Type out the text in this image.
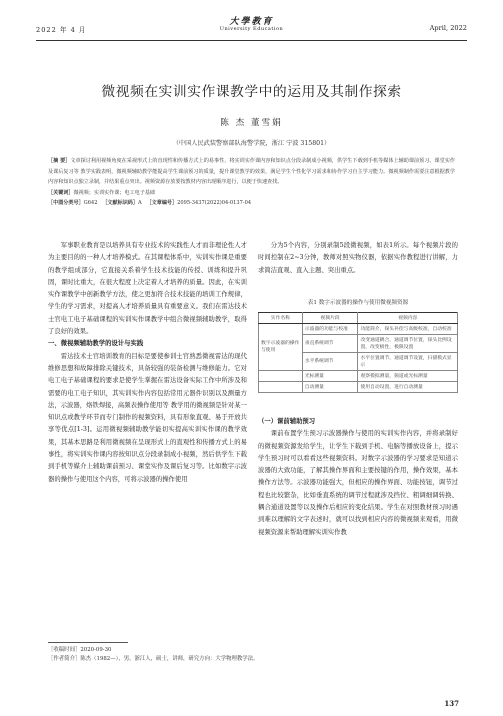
2022 年 4 月
大學教育
University Education	April, 2022
微视频在实训实作课教学中的运用及其制作探索
陈 杰 董雪娟
（中国人民武装警察部队海警学院，浙江 宁波 315801）
［摘 要］文章探讨利用视频角度在采视形式上的直现性和传播方式上的易事性，将实训实作课内容和知识点分段录制成小视频，供学生下载到手机等媒体上辅助课前预习、课堂实作及课后复习等 教学实践表明，微视频辅助教学能提高学生课前预习的质量，提升课堂教学的效果，满足学生个性化学习需求和协作学习自主学习能力。微视频制作需要注意根据教学内容和知识点独立录制，并结果重点突出。视频资源存放要按教材内容出现顺序进行，以便于快速查找。
［关键词］微视频；实训实作课；电工电子基础
［中图分类号］G642 ［文献标识码］A ［文章编号］2095-3437(2022)04-0137-04

军事职业教育是以培养具有专业技术的实践性人才而非理论性人才为主要目的的一种人才培养模式。在其课程体系中，实训实作课是重要的教学组成部分，它直接关系着学生技术技能的传授、训练和提升巩固，课时比重大，在很大程度上决定着人才培养的质量。因此，在实训实作课教学中创新教学方法，使之更加符合技术技能的培训工作规律，学生的学习需求，对提高人才培养质量具有重要意义。我们在雷达技术士官电工电子基础课程的实训实作课教学中组合微视频辅助教学，取得了良好的效果。

一、微视频辅助教学的设计与实践

雷达技术士官培训教育的目标是要使参训士官熟悉微视雷达的现代维修思想和故障排除关键技术，具备较强的装备检测与维修能力。它对电工电子基础课程的要求是使学生掌握在雷达设备实际工作中所涉及和需要的电工电子知识，其实训实作内容包括常用元器件识别以及测量方法，示波器，烙铁焊接，高频表操作使用等 教学用的微视频是针对某一知识点或教学环节而专门制作的视频资料，具有形象直观、易于开放共享等优点[1-3]。运用微视频辅助教学能切实提高实训实作课的教学效果，其基本思路是利用微视频在呈现形式上的直观性和传播方式上的易事性，将实训实作课内容按知识点分段录制成小视频，然后供学生下载到手机等媒介上辅助课前预习、课堂实作及课后复习等。比如数字示波器的操作与使用这个内容，可将示波器的操作使用

分为5个内容，分别录制5段微视频，如表1所示。每个视频片段的时间控制在2~3分钟，教师对照实物仪器，依据实作教程进行讲解，力求简洁直观、直入主题、突出重点。

表1 数字示波器的操作与使用微视频资源
实作名称	视频片段	视频内容
数字示波器的操作与使用	示波器的功能与校准	功能简介，探头补偿与高级校准，自动校准
	垂直系统调节	改变通道耦合，通道调节位置，探头比例设置，改变极性，极限设置
	水平系统调节	水平位置调节，通道调节设置，扫描模式显示
	光标测量	观察模拟测量，频道或光标测量
	自动测量	使用自动设置，进行自动测量

（一）课前辅助预习

课前布置学生预习示波器操作与使用的实训实作内容，并将录制好的微视频资源发给学生，让学生下载到手机、电脑等播放设备上，提示学生预习时可以看看这些视频资料。对数字示波器的学习要求是知道示波器的大致功能，了解其操作界面和主要按键的作用，操作效果，基本操作方法等。示波器功能强大，但相应的操作界面、功能按钮，调节过程也比较繁杂，比如垂直系统的调节过程就涉及挡位、粗调细调转换、耦合通道设置等以及操作后相应的变化结果。学生在对照教材预习时遇到难以理解的文字表述时，就可以找到相应内容的微视频来观看，用微视频资源来帮助理解实训实作教

［收稿时间］2020-09-30
［作者简介］陈杰（1982—），男，浙江人，硕士，讲师，研究方向：大学物理教学法。
137
